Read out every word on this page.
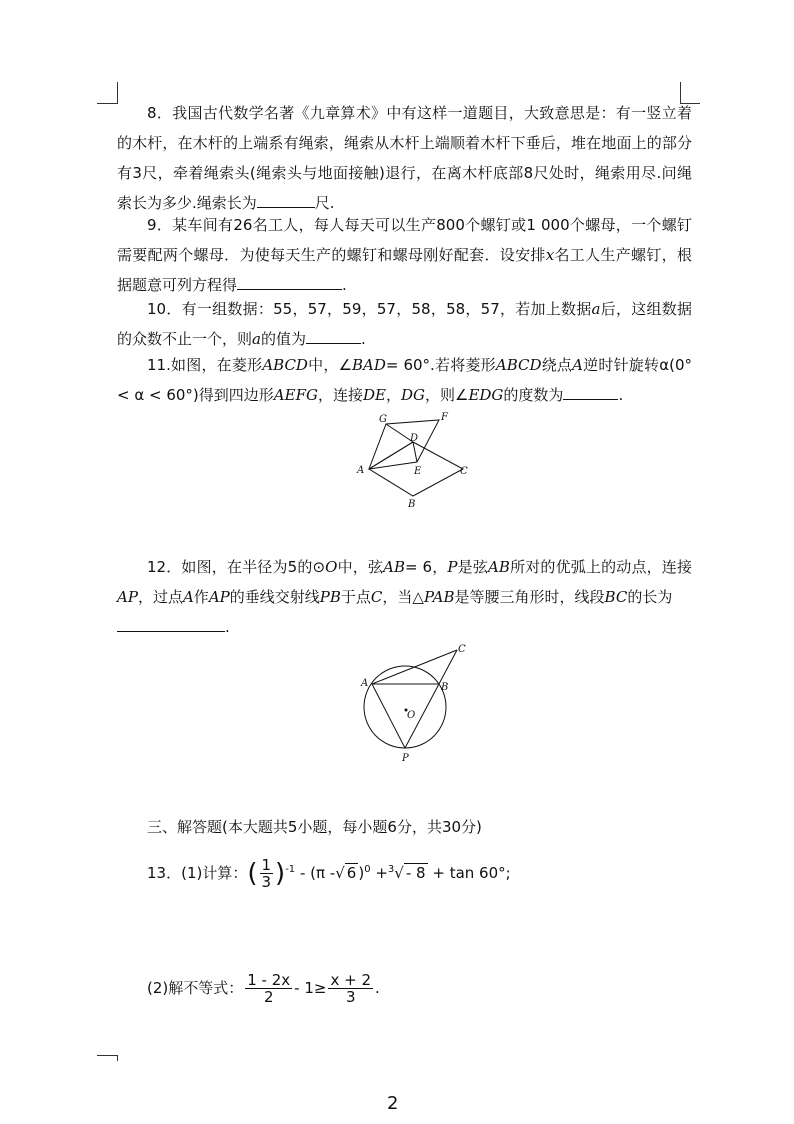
8．我国古代数学名著《九章算术》中有这样一道题目，大致意思是：有一竖立着的木杆，在木杆的上端系有绳索，绳索从木杆上端顺着木杆下垂后，堆在地面上的部分有3尺，牵着绳索头(绳索头与地面接触)退行，在离木杆底部8尺处时，绳索用尽.问绳索长为多少.绳索长为	尺.

9．某车间有26名工人，每人每天可以生产800个螺钉或1 000个螺母，一个螺钉需要配两个螺母．为使每天生产的螺钉和螺母刚好配套．设安排x名工人生产螺钉，根据题意可列方程得	.

10．有一组数据：55，57，59，57，58，58，57，若加上数据a后，这组数据的众数不止一个，则a的值为	.

11.如图，在菱形ABCD中，∠BAD= 60°.若将菱形ABCD绕点A逆时针旋转α(0° < α < 60°)得到四边形AEFG，连接DE，DG，则∠EDG的度数为	.

G	F
D
A	E	C
B

12．如图，在半径为5的⊙O中，弦AB= 6，P是弦AB所对的优弧上的动点，连接AP，过点A作AP的垂线交射线PB于点C，当△PAB是等腰三角形时，线段BC的长为
.

C
A	B
O
P
三、解答题(本大题共5小题，每小题6分，共30分)
13．(1)计算：( $\frac{1}{3} )^{-1} - (\pi$ -√ 6 )$^0$ +$^3$√ - 8 + tan 60°;
(2)解不等式： $\frac{1 - 2x}{2} - 1\ge \frac{x + 2}{3}$ .
2
